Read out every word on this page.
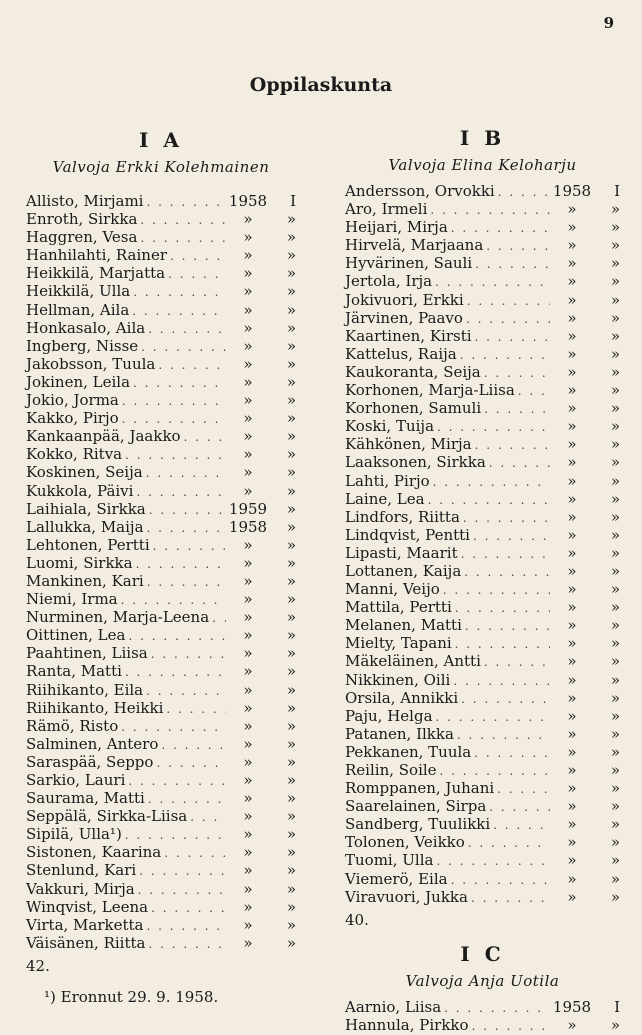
9
Oppilaskunta
I A
Valvoja Erkki Kolehmainen
Allisto, Mirjami . . .	1958	I
Enroth, Sirkka . . .	»	»
Haggren, Vesa . . .	»	»
Hanhilahti, Rainer . . .	»	»
Heikkilä, Marjatta . . .	»	»
Heikkilä, Ulla . . .	»	»
Hellman, Aila . . .	»	»
Honkasalo, Aila . . .	»	»
Ingberg, Nisse . . .	»	»
Jakobsson, Tuula . . .	»	»
Jokinen, Leila . . .	»	»
Jokio, Jorma . . .	»	»
Kakko, Pirjo . . .	»	»
Kankaanpää, Jaakko . . .	»	»
Kokko, Ritva . . .	»	»
Koskinen, Seija . . .	»	»
Kukkola, Päivi . . .	»	»
Laihiala, Sirkka . . .	1959	»
Lallukka, Maija . . .	1958	»
Lehtonen, Pertti . . .	»	»
Luomi, Sirkka . . .	»	»
Mankinen, Kari . . .	»	»
Niemi, Irma . . .	»	»
Nurminen, Marja-Leena . . .	»	»
Oittinen, Lea . . .	»	»
Paahtinen, Liisa . . .	»	»
Ranta, Matti . . .	»	»
Riihikanto, Eila . . .	»	»
Riihikanto, Heikki . . .	»	»
Rämö, Risto . . .	»	»
Salminen, Antero . . .	»	»
Saraspää, Seppo . . .	»	»
Sarkio, Lauri . . .	»	»
Saurama, Matti . . .	»	»
Seppälä, Sirkka-Liisa . . .	»	»
Sipilä, Ulla¹) . . .	»	»
Sistonen, Kaarina . . .	»	»
Stenlund, Kari . . .	»	»
Vakkuri, Mirja . . .	»	»
Winqvist, Leena . . .	»	»
Virta, Marketta . . .	»	»
Väisänen, Riitta . . .	»	»
42.
I B
Valvoja Elina Keloharju
Andersson, Orvokki . . .	1958	I
Aro, Irmeli . . .	»	»
Heijari, Mirja . . .	»	»
Hirvelä, Marjaana . . .	»	»
Hyvärinen, Sauli . . .	»	»
Jertola, Irja . . .	»	»
Jokivuori, Erkki . . .	»	»
Järvinen, Paavo . . .	»	»
Kaartinen, Kirsti . . .	»	»
Kattelus, Raija . . .	»	»
Kaukoranta, Seija . . .	»	»
Korhonen, Marja-Liisa . . .	»	»
Korhonen, Samuli . . .	»	»
Koski, Tuija . . .	»	»
Kähkönen, Mirja . . .	»	»
Laaksonen, Sirkka . . .	»	»
Lahti, Pirjo . . .	»	»
Laine, Lea . . .	»	»
Lindfors, Riitta . . .	»	»
Lindqvist, Pentti . . .	»	»
Lipasti, Maarit . . .	»	»
Lottanen, Kaija . . .	»	»
Manni, Veijo . . .	»	»
Mattila, Pertti . . .	»	»
Melanen, Matti . . .	»	»
Mielty, Tapani . . .	»	»
Mäkeläinen, Antti . . .	»	»
Nikkinen, Oili . . .	»	»
Orsila, Annikki . . .	»	»
Paju, Helga . . .	»	»
Patanen, Ilkka . . .	»	»
Pekkanen, Tuula . . .	»	»
Reilin, Soile . . .	»	»
Romppanen, Juhani . . .	»	»
Saarelainen, Sirpa . . .	»	»
Sandberg, Tuulikki . . .	»	»
Tolonen, Veikko . . .	»	»
Tuomi, Ulla . . .	»	»
Viemerö, Eila . . .	»	»
Viravuori, Jukka . . .	»	»
40.
I C
Valvoja Anja Uotila
Aarnio, Liisa . . .	1958	I
Hannula, Pirkko . . .	»	»
¹) Eronnut 29. 9. 1958.
